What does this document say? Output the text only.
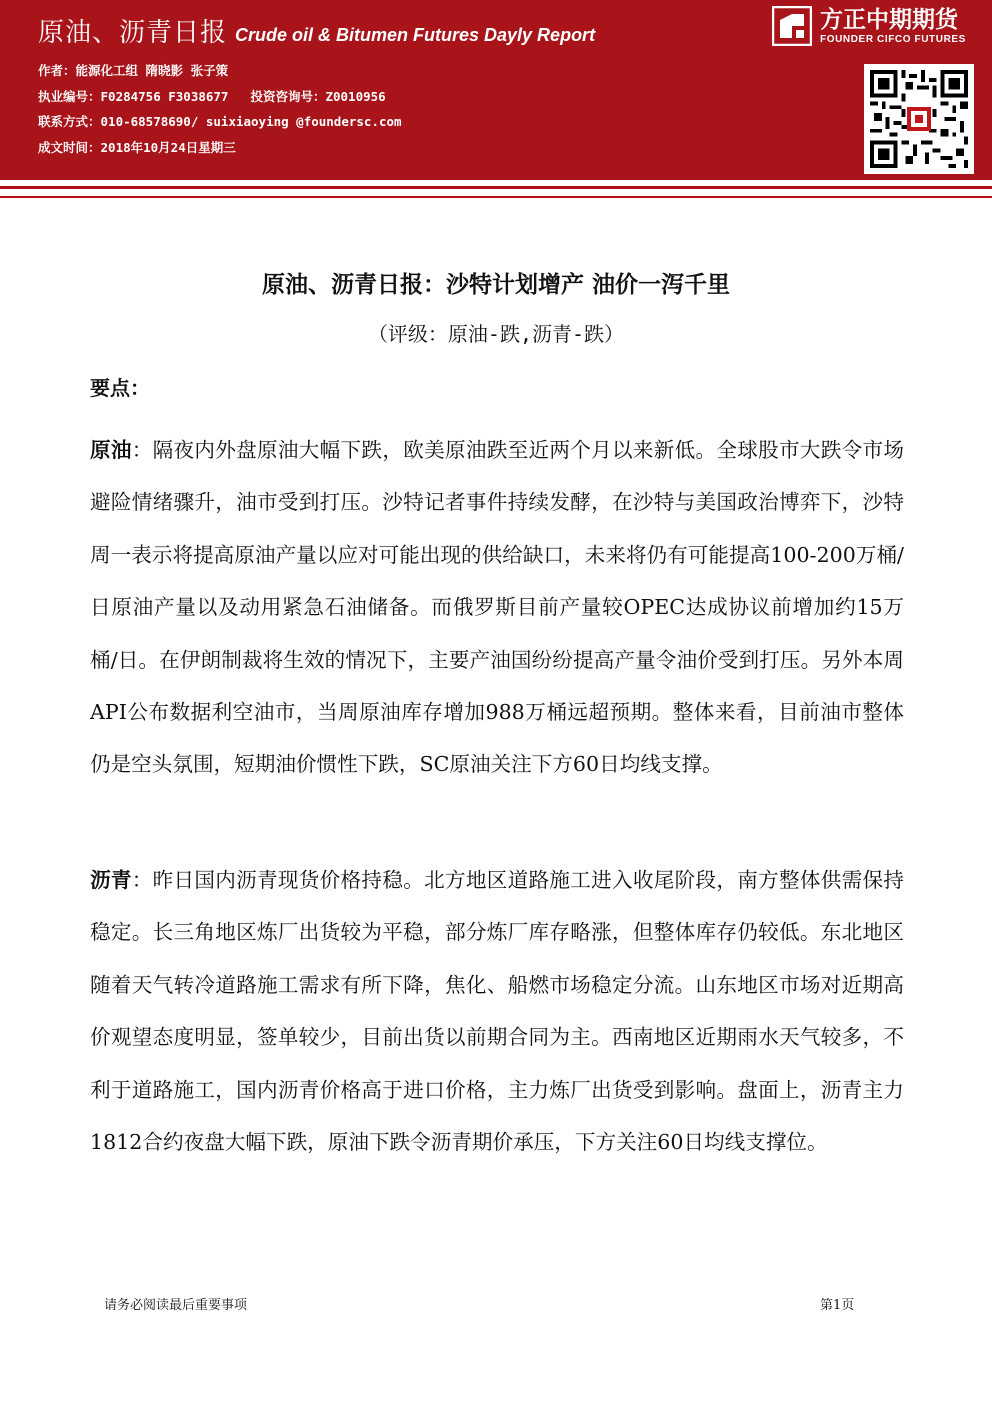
原油、沥青日报 Crude oil & Bitumen Futures Dayly Report
作者：能源化工组 隋晓影 张子策
执业编号：F0284756 F3038677 投资咨询号：Z0010956
联系方式：010-68578690/ suixiaoying @foundersc.com
成文时间：2018年10月24日星期三
方正中期期货
FOUNDER CIFCO FUTURES
原油、沥青日报：沙特计划增产 油价一泻千里
（评级：原油-跌,沥青-跌）
要点：
原油：隔夜内外盘原油大幅下跌，欧美原油跌至近两个月以来新低。全球股市大跌令市场避险情绪骤升，油市受到打压。沙特记者事件持续发酵，在沙特与美国政治博弈下，沙特周一表示将提高原油产量以应对可能出现的供给缺口，未来将仍有可能提高100-200万桶/日原油产量以及动用紧急石油储备。而俄罗斯目前产量较OPEC达成协议前增加约15万桶/日。在伊朗制裁将生效的情况下，主要产油国纷纷提高产量令油价受到打压。另外本周API公布数据利空油市，当周原油库存增加988万桶远超预期。整体来看，目前油市整体仍是空头氛围，短期油价惯性下跌，SC原油关注下方60日均线支撑。
沥青：昨日国内沥青现货价格持稳。北方地区道路施工进入收尾阶段，南方整体供需保持稳定。长三角地区炼厂出货较为平稳，部分炼厂库存略涨，但整体库存仍较低。东北地区随着天气转冷道路施工需求有所下降，焦化、船燃市场稳定分流。山东地区市场对近期高价观望态度明显，签单较少，目前出货以前期合同为主。西南地区近期雨水天气较多，不利于道路施工，国内沥青价格高于进口价格，主力炼厂出货受到影响。盘面上，沥青主力1812合约夜盘大幅下跌，原油下跌令沥青期价承压，下方关注60日均线支撑位。
请务必阅读最后重要事项	第1页
